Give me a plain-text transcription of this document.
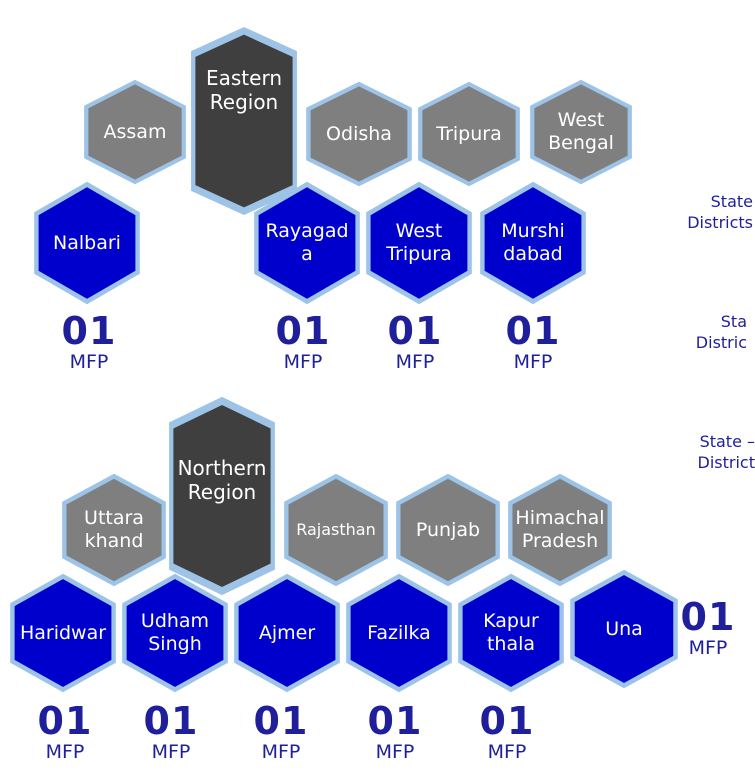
Assam
Eastern
Region
Odisha Tripura
West
Bengal
Nalbari
Rayagad
a
West
Tripura
Murshi
dabad
01
MFP
01
MFP
01
MFP
01
MFP
State
Districts
Sta
Distric
State –
District
Uttara
khand
Northern
Region
Rajasthan Punjab
Himachal
Pradesh
Haridwar
Udham
Singh
Ajmer	Fazilka
Kapur
thala
Una
01
MFP
01
MFP
01
MFP
01
MFP
01
MFP
01
MFP
